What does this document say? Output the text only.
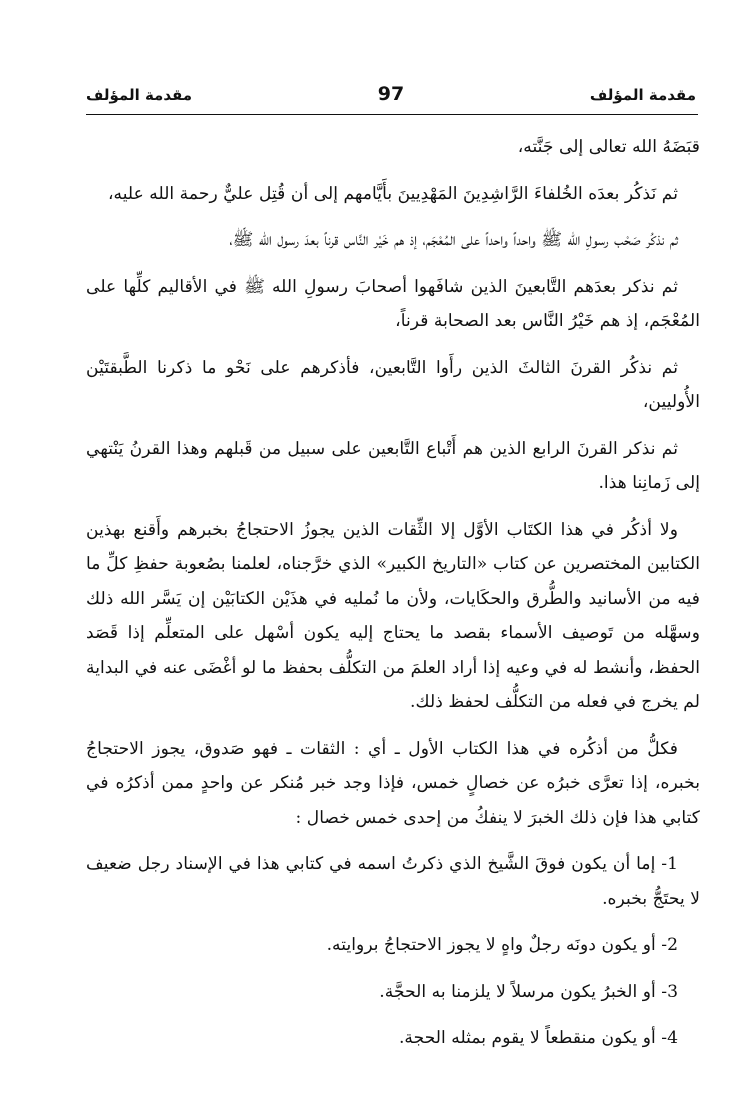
مقدمة المؤلف
97
مقدمة المؤلف

قبَضَهُ الله تعالى إلى جَنَّته،

ثم نَذكُر بعدَه الخُلفاءَ الرَّاشِدِينَ المَهْدِيينَ بأَيَّامهم إلى أن قُتِل عليٌّ رحمة الله عليه،

ثم نذكُر صَحْب رسولِ الله ﷺ واحداً واحداً على المُعْجَم، إذ هم خَيْر النَّاس قرناً بعدَ رسول الله ﷺ،

ثم نذكر بعدَهم التَّابعينَ الذين شافَهوا أصحابَ رسولِ الله ﷺ في الأقاليم كلِّها على المُعْجَم، إذ هم خَيْرُ النَّاس بعد الصحابة قرناً،

ثم نذكُر القرنَ الثالثَ الذين رأَوا التَّابعين، فأذكرهم على نَحْو ما ذكرنا الطَّبقتَيْن الأُوليين،

ثم نذكر القرنَ الرابع الذين هم أَتْباع التَّابعين على سبيل من قَبلهم وهذا القرنُ يَنْتهي إلى زَمانِنا هذا.

ولا أذكُر في هذا الكتَاب الأوَّل إلا الثِّقات الذين يجوزُ الاحتجاجُ بخبرهم وأَقنع بهذين الكتابين المختصرين عن كتاب «التاريخ الكبير» الذي خرَّجناه، لعلمنا بصُعوبة حفظِ كلِّ ما فيه من الأسانيد والطُّرق والحكَايات، ولأن ما نُمليه في هذَيْن الكتابَيْن إن يَسَّر الله ذلك وسهَّله من تَوصيف الأسماء بقصد ما يحتاج إليه يكون أسْهل على المتعلِّم إذا قَصَد الحفظ، وأنشط له في وعيه إذا أراد العلمَ من التكلُّف بحفظ ما لو أغْضَى عنه في البداية لم يخرج في فعله من التكلُّف لحفظ ذلك.

فكلُّ من أذكُره في هذا الكتاب الأول ـ أي : الثقات ـ فهو صَدوق، يجوز الاحتجاجُ بخبره، إذا تعرَّى خبرُه عن خصالٍ خمس، فإذا وجد خبر مُنكر عن واحدٍ ممن أذكرُه في كتابي هذا فإن ذلك الخبرَ لا ينفكُ من إحدى خمس خصال :

1- إما أن يكون فوقَ الشَّيخ الذي ذكرتُ اسمه في كتابي هذا في الإسناد رجل ضعيف لا يحتَجُّ بخبره.

2- أو يكون دونَه رجلٌ واهٍ لا يجوز الاحتجاجُ بروايته.

3- أو الخبرُ يكون مرسلاً لا يلزمنا به الحجَّة.

4- أو يكون منقطعاً لا يقوم بمثله الحجة.
